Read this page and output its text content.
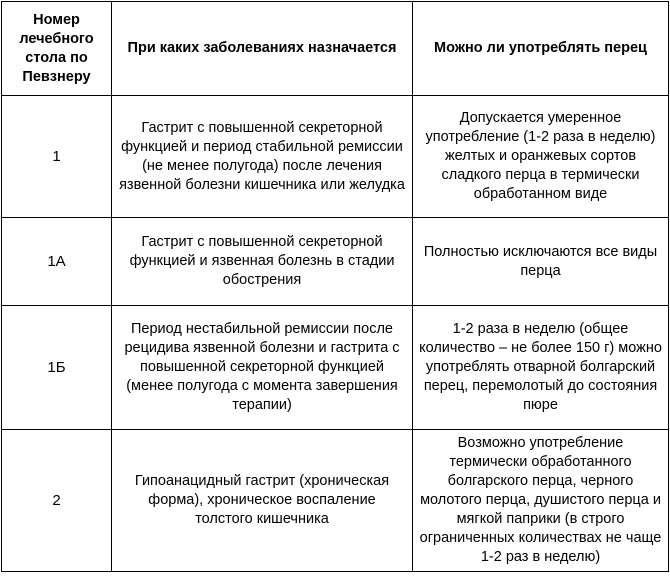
Номер лечебного стола по Певзнеру	При каких заболеваниях назначается	Можно ли употреблять перец
1	Гастрит с повышенной секреторной функцией и период стабильной ремиссии (не менее полугода) после лечения язвенной болезни кишечника или желудка	Допускается умеренное употребление (1-2 раза в неделю) желтых и оранжевых сортов сладкого перца в термически обработанном виде
1А	Гастрит с повышенной секреторной функцией и язвенная болезнь в стадии обострения	Полностью исключаются все виды перца
1Б	Период нестабильной ремиссии после рецидива язвенной болезни и гастрита с повышенной секреторной функцией (менее полугода с момента завершения терапии)	1-2 раза в неделю (общее количество – не более 150 г) можно употреблять отварной болгарский перец, перемолотый до состояния пюре
2	Гипоанацидный гастрит (хроническая форма), хроническое воспаление толстого кишечника	Возможно употребление термически обработанного болгарского перца, черного молотого перца, душистого перца и мягкой паприки (в строго ограниченных количествах не чаще 1-2 раз в неделю)
